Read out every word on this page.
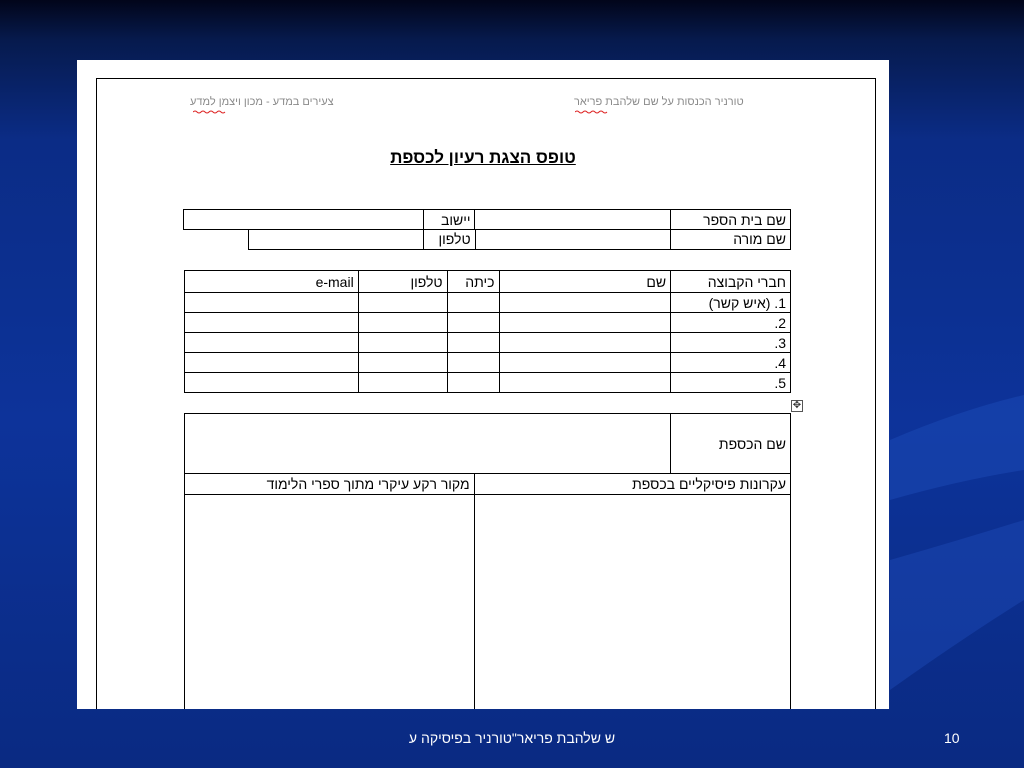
צעירים במדע - מכון ויצמן למדע	טורניר הכנסות על שם שלהבת פריאר
טופס הצגת רעיון לכספת
שם בית הספר		יישוב	
שם מורה		טלפון	
חברי הקבוצה	שם	כיתה	טלפון	e-mail
1. (איש קשר)				
2.				
3.				
4.				
5.				
✥
שם הכספת		
עקרונות פיסיקליים בכספת		מקור רקע עיקרי מתוך ספרי הלימוד

ש שלהבת פריאר"טורניר בפיסיקה ע	10
